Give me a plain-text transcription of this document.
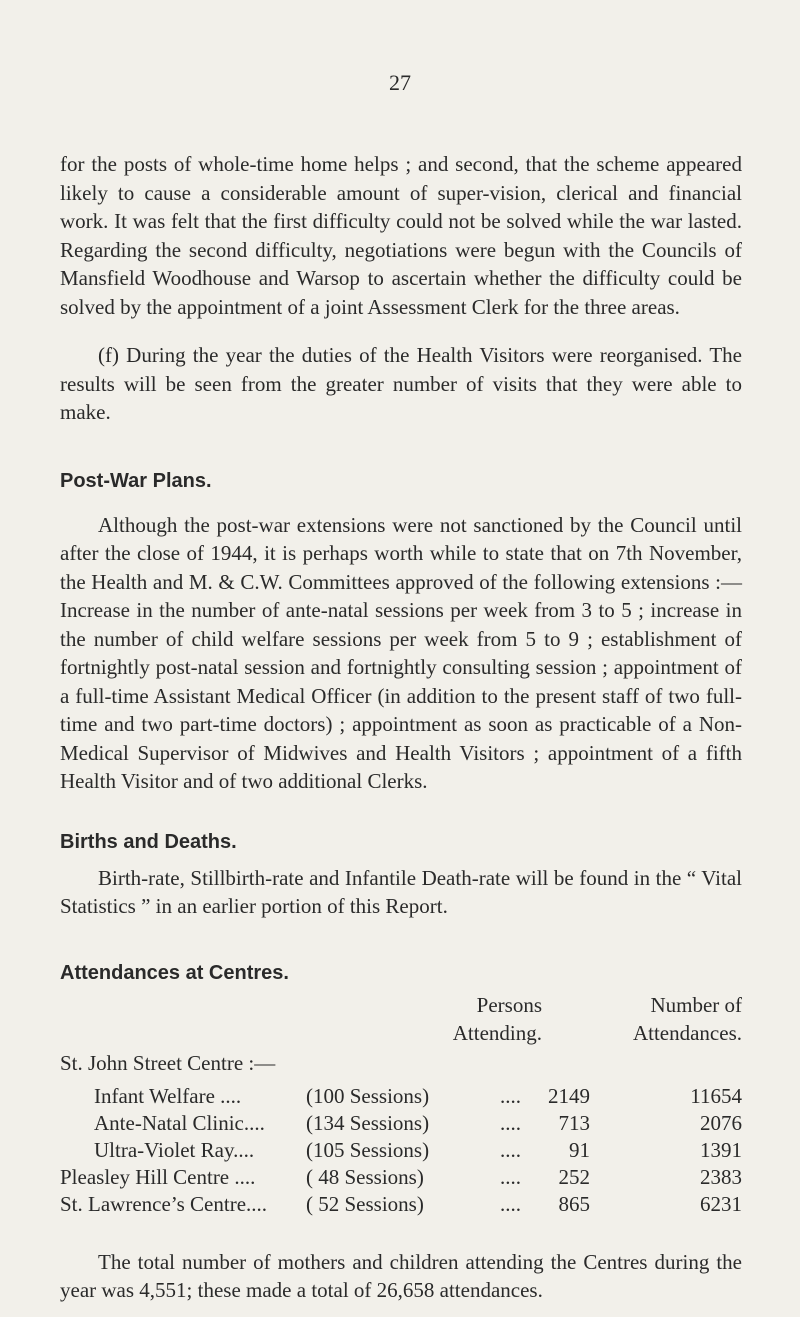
27

for the posts of whole-time home helps ; and second, that the scheme appeared likely to cause a considerable amount of super-vision, clerical and financial work. It was felt that the first difficulty could not be solved while the war lasted. Regarding the second difficulty, negotiations were begun with the Councils of Mansfield Woodhouse and Warsop to ascertain whether the difficulty could be solved by the appointment of a joint Assessment Clerk for the three areas.

(f) During the year the duties of the Health Visitors were reorganised. The results will be seen from the greater number of visits that they were able to make.

Post-War Plans.

Although the post-war extensions were not sanctioned by the Council until after the close of 1944, it is perhaps worth while to state that on 7th November, the Health and M. & C.W. Committees approved of the following extensions :—Increase in the number of ante-natal sessions per week from 3 to 5 ; increase in the number of child welfare sessions per week from 5 to 9 ; establishment of fortnightly post-natal session and fortnightly consulting session ; appointment of a full-time Assistant Medical Officer (in addition to the present staff of two full-time and two part-time doctors) ; appointment as soon as practicable of a Non-Medical Supervisor of Midwives and Health Visitors ; appointment of a fifth Health Visitor and of two additional Clerks.

Births and Deaths.

Birth-rate, Stillbirth-rate and Infantile Death-rate will be found in the “ Vital Statistics ” in an earlier portion of this Report.

Attendances at Centres.
Persons
Attending.
Number of
Attendances.

St. John Street Centre :—

Infant Welfare ....	(100 Sessions)	....	2149	11654
Ante-Natal Clinic....	(134 Sessions)	....	713	2076
Ultra-Violet Ray....	(105 Sessions)	....	91	1391
Pleasley Hill Centre ....	( 48 Sessions)	....	252	2383
St. Lawrence’s Centre....	( 52 Sessions)	....	865	6231

The total number of mothers and children attending the Centres during the year was 4,551; these made a total of 26,658 attendances.
